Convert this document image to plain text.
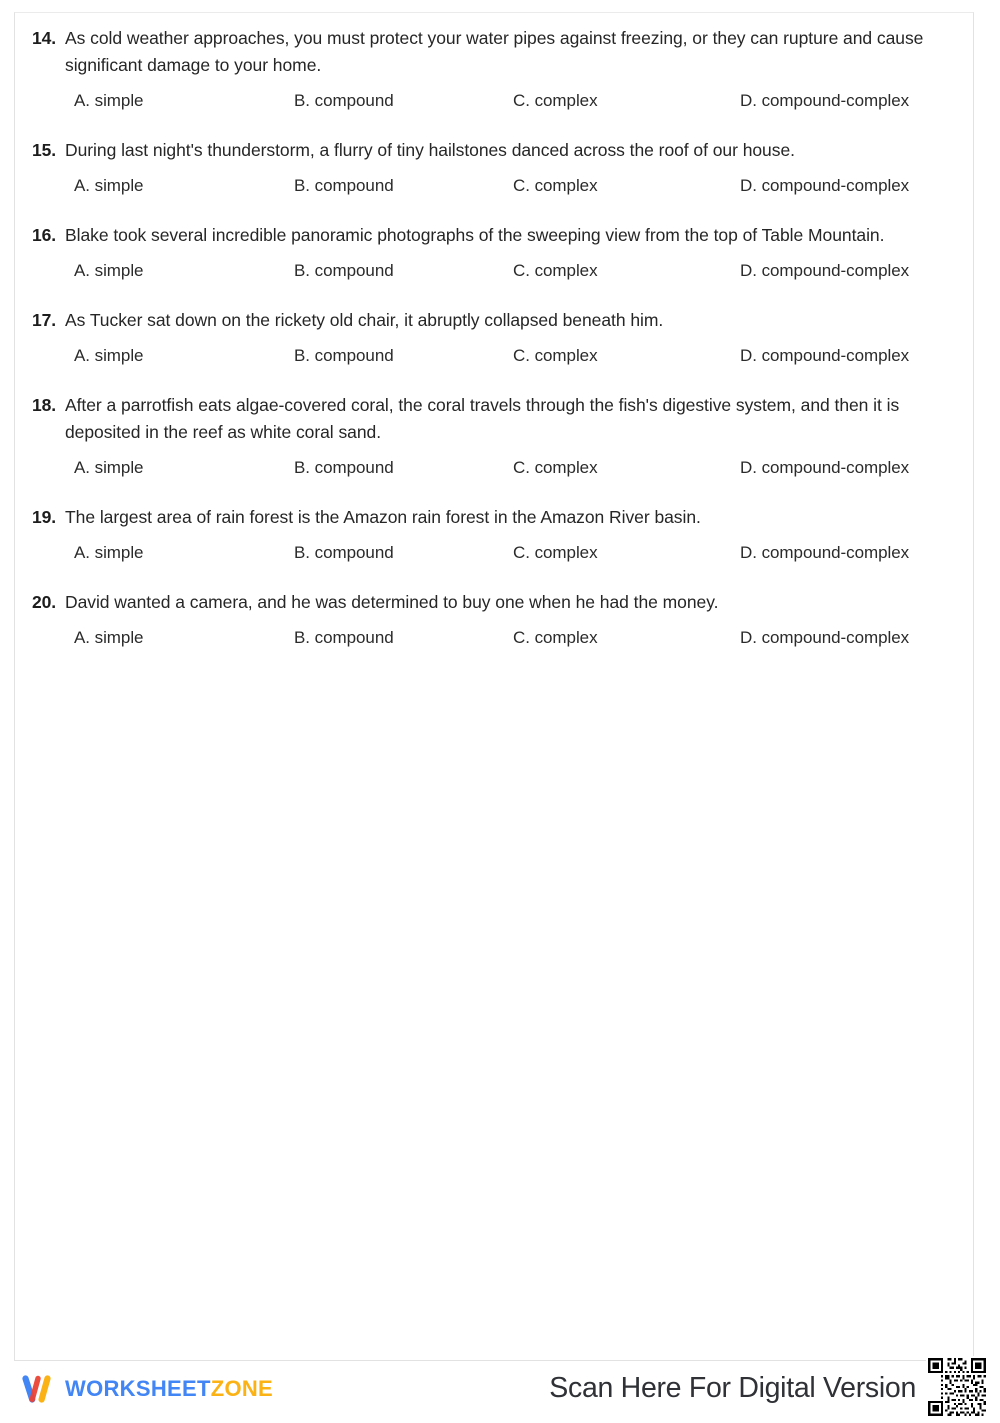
14. As cold weather approaches, you must protect your water pipes against freezing, or they can rupture and cause significant damage to your home.
A. simple	B. compound	C. complex	D. compound-complex
15. During last night's thunderstorm, a flurry of tiny hailstones danced across the roof of our house.
A. simple	B. compound	C. complex	D. compound-complex
16. Blake took several incredible panoramic photographs of the sweeping view from the top of Table Mountain.
A. simple	B. compound	C. complex	D. compound-complex
17. As Tucker sat down on the rickety old chair, it abruptly collapsed beneath him.
A. simple	B. compound	C. complex	D. compound-complex
18. After a parrotfish eats algae-covered coral, the coral travels through the fish's digestive system, and then it is deposited in the reef as white coral sand.
A. simple	B. compound	C. complex	D. compound-complex
19. The largest area of rain forest is the Amazon rain forest in the Amazon River basin.
A. simple	B. compound	C. complex	D. compound-complex
20. David wanted a camera, and he was determined to buy one when he had the money.
A. simple	B. compound	C. complex	D. compound-complex
WORKSHEETZONE	Scan Here For Digital Version
